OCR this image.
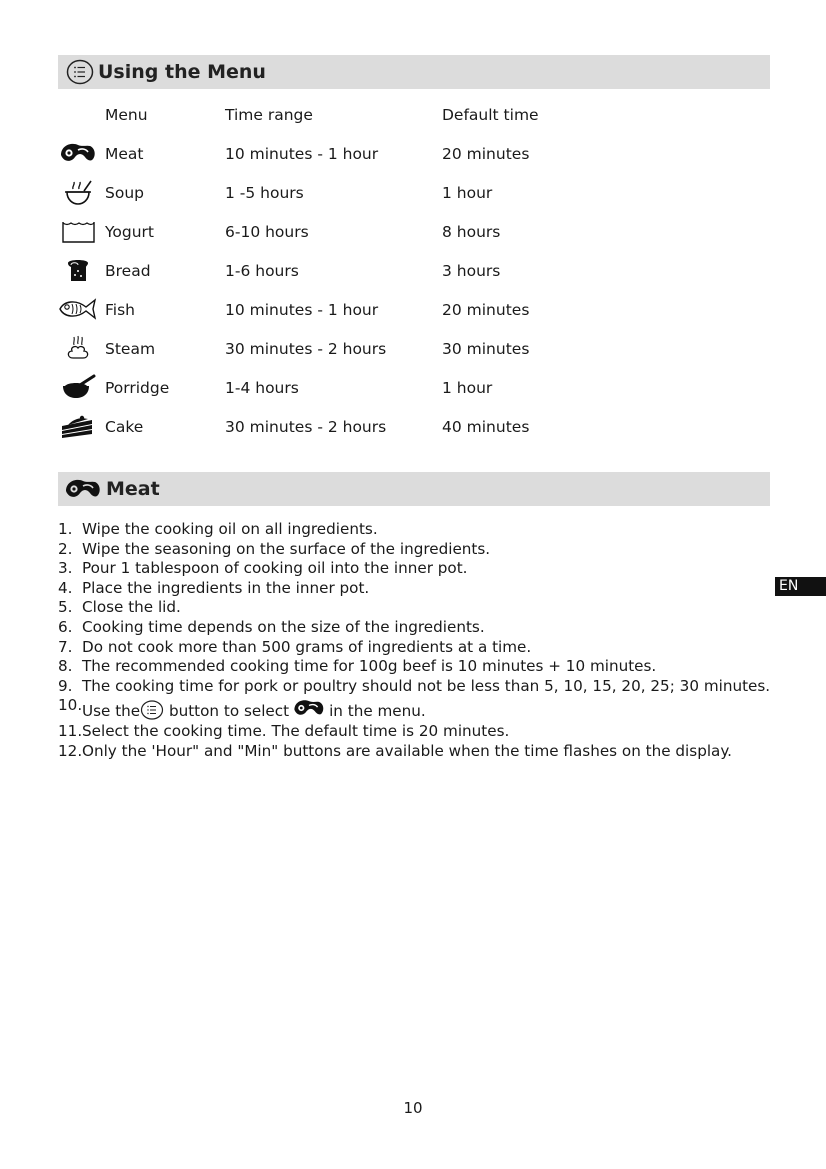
Using the Menu
Menu	Time range	Default time
Meat	10 minutes - 1 hour	20 minutes
Soup	1 -5 hours	1 hour
Yogurt	6-10 hours	8 hours
Bread	1-6 hours	3 hours
Fish	10 minutes - 1 hour	20 minutes
Steam	30 minutes - 2 hours	30 minutes
Porridge	1-4 hours	1 hour
Cake	30 minutes - 2 hours	40 minutes
Meat
1. Wipe the cooking oil on all ingredients.
2. Wipe the seasoning on the surface of the ingredients.
3. Pour 1 tablespoon of cooking oil into the inner pot.
4. Place the ingredients in the inner pot.
5. Close the lid.
6. Cooking time depends on the size of the ingredients.
7. Do not cook more than 500 grams of ingredients at a time.
8. The recommended cooking time for 100g beef is 10 minutes + 10 minutes.
9. The cooking time for pork or poultry should not be less than 5, 10, 15, 20, 25; 30 minutes.
10. Use the button to select	in the menu.
11. Select the cooking time. The default time is 20 minutes.
12. Only the 'Hour" and "Min" buttons are available when the time flashes on the display.
EN
10
